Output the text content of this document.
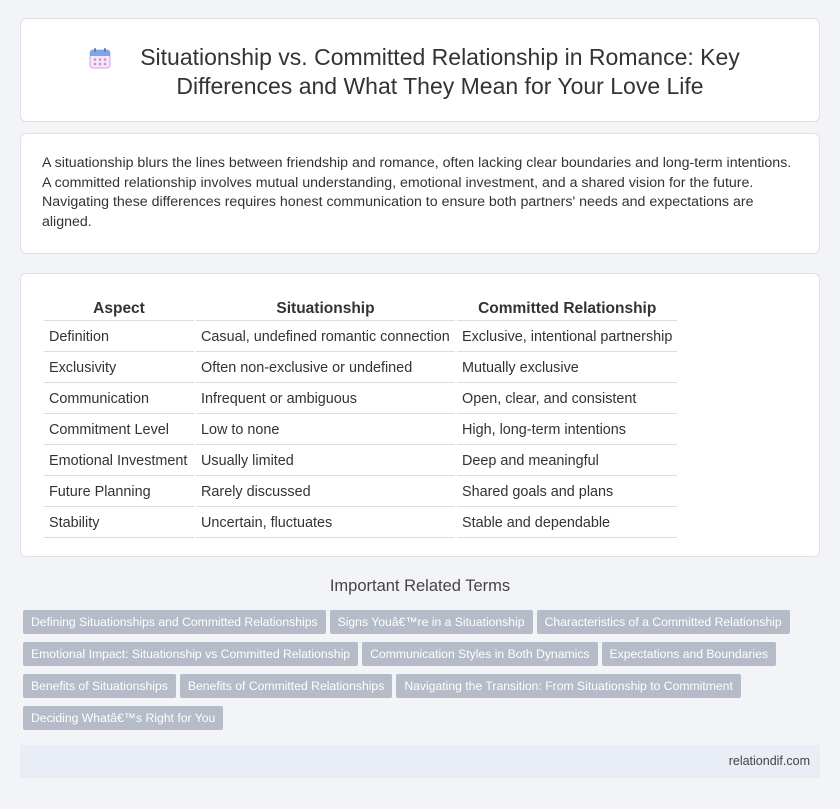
Situationship vs. Committed Relationship in Romance: Key Differences and What They Mean for Your Love Life

A situationship blurs the lines between friendship and romance, often lacking clear boundaries and long-term intentions. A committed relationship involves mutual understanding, emotional investment, and a shared vision for the future. Navigating these differences requires honest communication to ensure both partners' needs and expectations are aligned.

Aspect	Situationship	Committed Relationship
Definition	Casual, undefined romantic connection	Exclusive, intentional partnership
Exclusivity	Often non-exclusive or undefined	Mutually exclusive
Communication	Infrequent or ambiguous	Open, clear, and consistent
Commitment Level	Low to none	High, long-term intentions
Emotional Investment	Usually limited	Deep and meaningful
Future Planning	Rarely discussed	Shared goals and plans
Stability	Uncertain, fluctuates	Stable and dependable
Important Related Terms
Defining Situationships and Committed Relationships Signs Youâ€™re in a Situationship Characteristics of a Committed Relationship
Emotional Impact: Situationship vs Committed Relationship Communication Styles in Both Dynamics Expectations and Boundaries
Benefits of Situationships Benefits of Committed Relationships Navigating the Transition: From Situationship to Commitment
Deciding Whatâ€™s Right for You
relationdif.com
